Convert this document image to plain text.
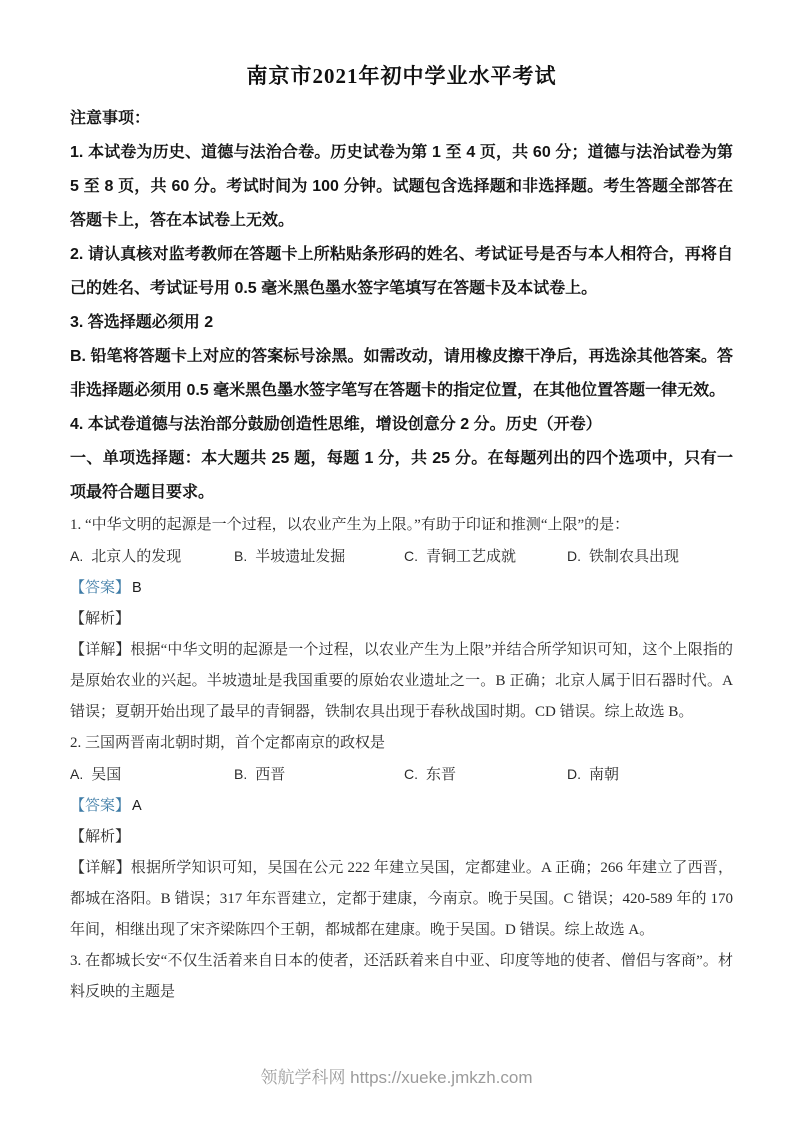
南京市2021年初中学业水平考试

注意事项：

1. 本试卷为历史、道德与法治合卷。历史试卷为第 1 至 4 页，共 60 分；道德与法治试卷为第 5 至 8 页，共 60 分。考试时间为 100 分钟。试题包含选择题和非选择题。考生答题全部答在答题卡上，答在本试卷上无效。

2. 请认真核对监考教师在答题卡上所粘贴条形码的姓名、考试证号是否与本人相符合，再将自己的姓名、考试证号用 0.5 毫米黑色墨水签字笔填写在答题卡及本试卷上。

3. 答选择题必须用 2

B. 铅笔将答题卡上对应的答案标号涂黑。如需改动，请用橡皮擦干净后，再选涂其他答案。答非选择题必须用 0.5 毫米黑色墨水签字笔写在答题卡的指定位置，在其他位置答题一律无效。

4. 本试卷道德与法治部分鼓励创造性思维，增设创意分 2 分。历史（开卷）

一、单项选择题：本大题共 25 题，每题 1 分，共 25 分。在每题列出的四个选项中，只有一项最符合题目要求。

1. “中华文明的起源是一个过程，以农业产生为上限。”有助于印证和推测“上限”的是：

A. 北京人的发现	B. 半坡遗址发掘	C. 青铜工艺成就	D. 铁制农具出现

【答案】 B

【解析】

【详解】根据“中华文明的起源是一个过程，以农业产生为上限”并结合所学知识可知，这个上限指的是原始农业的兴起。半坡遗址是我国重要的原始农业遗址之一。B 正确；北京人属于旧石器时代。A 错误；夏朝开始出现了最早的青铜器，铁制农具出现于春秋战国时期。CD 错误。综上故选 B。

2. 三国两晋南北朝时期，首个定都南京的政权是

A. 吴国	B. 西晋	C. 东晋	D. 南朝

【答案】 A

【解析】

【详解】根据所学知识可知，吴国在公元 222 年建立吴国，定都建业。A 正确；266 年建立了西晋，都城在洛阳。B 错误；317 年东晋建立，定都于建康，今南京。晚于吴国。C 错误；420-589 年的 170 年间，相继出现了宋齐梁陈四个王朝，都城都在建康。晚于吴国。D 错误。综上故选 A。

3. 在都城长安“不仅生活着来自日本的使者，还活跃着来自中亚、印度等地的使者、僧侣与客商”。材料反映的主题是

领航学科网 https://xueke.jmkzh.com
